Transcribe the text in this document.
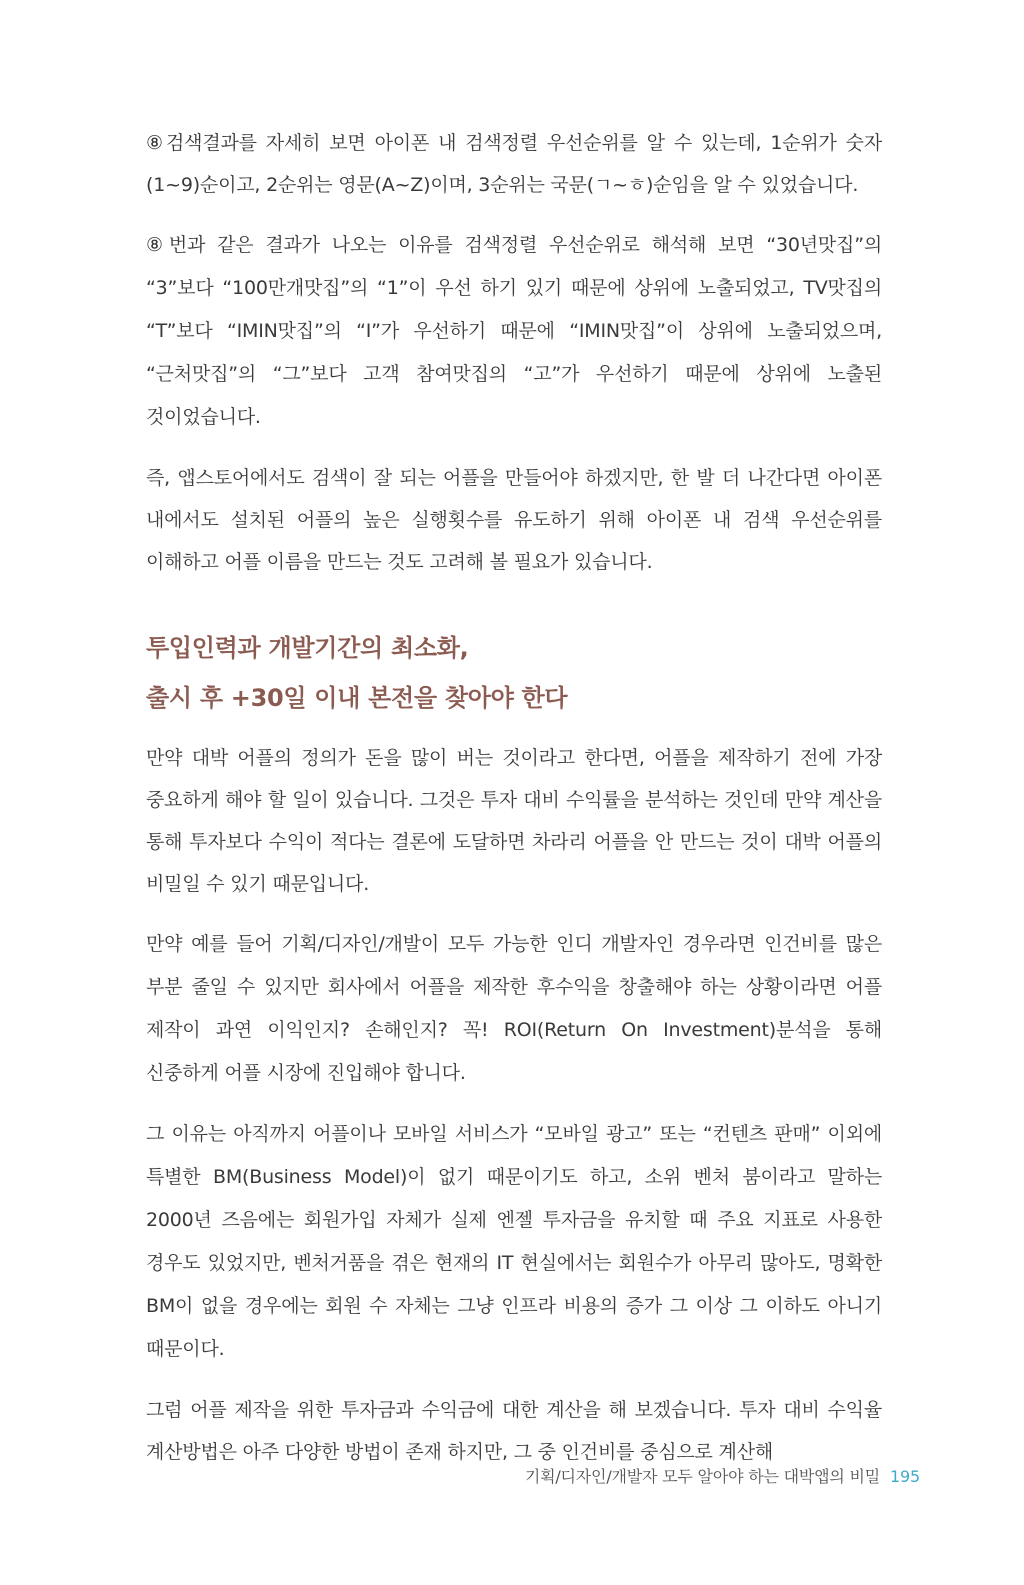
⑧검색결과를 자세히 보면 아이폰 내 검색정렬 우선순위를 알 수 있는데, 1순위가 숫자(1~9)순이고, 2순위는 영문(A~Z)이며, 3순위는 국문(ㄱ~ㅎ)순임을 알 수 있었습니다.

⑧번과 같은 결과가 나오는 이유를 검색정렬 우선순위로 해석해 보면 “30년맛집”의 “3”보다 “100만개맛집”의 “1”이 우선 하기 있기 때문에 상위에 노출되었고, TV맛집의 “T”보다 “IMIN맛집”의 “I”가 우선하기 때문에 “IMIN맛집”이 상위에 노출되었으며, “근처맛집”의 “그”보다 고객 참여맛집의 “고”가 우선하기 때문에 상위에 노출된 것이었습니다.

즉, 앱스토어에서도 검색이 잘 되는 어플을 만들어야 하겠지만, 한 발 더 나간다면 아이폰 내에서도 설치된 어플의 높은 실행횟수를 유도하기 위해 아이폰 내 검색 우선순위를 이해하고 어플 이름을 만드는 것도 고려해 볼 필요가 있습니다.

투입인력과 개발기간의 최소화,
출시 후 +30일 이내 본전을 찾아야 한다

만약 대박 어플의 정의가 돈을 많이 버는 것이라고 한다면, 어플을 제작하기 전에 가장 중요하게 해야 할 일이 있습니다. 그것은 투자 대비 수익률을 분석하는 것인데 만약 계산을 통해 투자보다 수익이 적다는 결론에 도달하면 차라리 어플을 안 만드는 것이 대박 어플의 비밀일 수 있기 때문입니다.

만약 예를 들어 기획/디자인/개발이 모두 가능한 인디 개발자인 경우라면 인건비를 많은 부분 줄일 수 있지만 회사에서 어플을 제작한 후수익을 창출해야 하는 상황이라면 어플 제작이 과연 이익인지? 손해인지? 꼭! ROI(Return On Investment)분석을 통해 신중하게 어플 시장에 진입해야 합니다.

그 이유는 아직까지 어플이나 모바일 서비스가 “모바일 광고” 또는 “컨텐츠 판매” 이외에 특별한 BM(Business Model)이 없기 때문이기도 하고, 소위 벤처 붐이라고 말하는 2000년 즈음에는 회원가입 자체가 실제 엔젤 투자금을 유치할 때 주요 지표로 사용한 경우도 있었지만, 벤처거품을 겪은 현재의 IT 현실에서는 회원수가 아무리 많아도, 명확한 BM이 없을 경우에는 회원 수 자체는 그냥 인프라 비용의 증가 그 이상 그 이하도 아니기 때문이다.

그럼 어플 제작을 위한 투자금과 수익금에 대한 계산을 해 보겠습니다. 투자 대비 수익율 계산방법은 아주 다양한 방법이 존재 하지만, 그 중 인건비를 중심으로 계산해

기획/디자인/개발자 모두 알아야 하는 대박앱의 비밀 195
